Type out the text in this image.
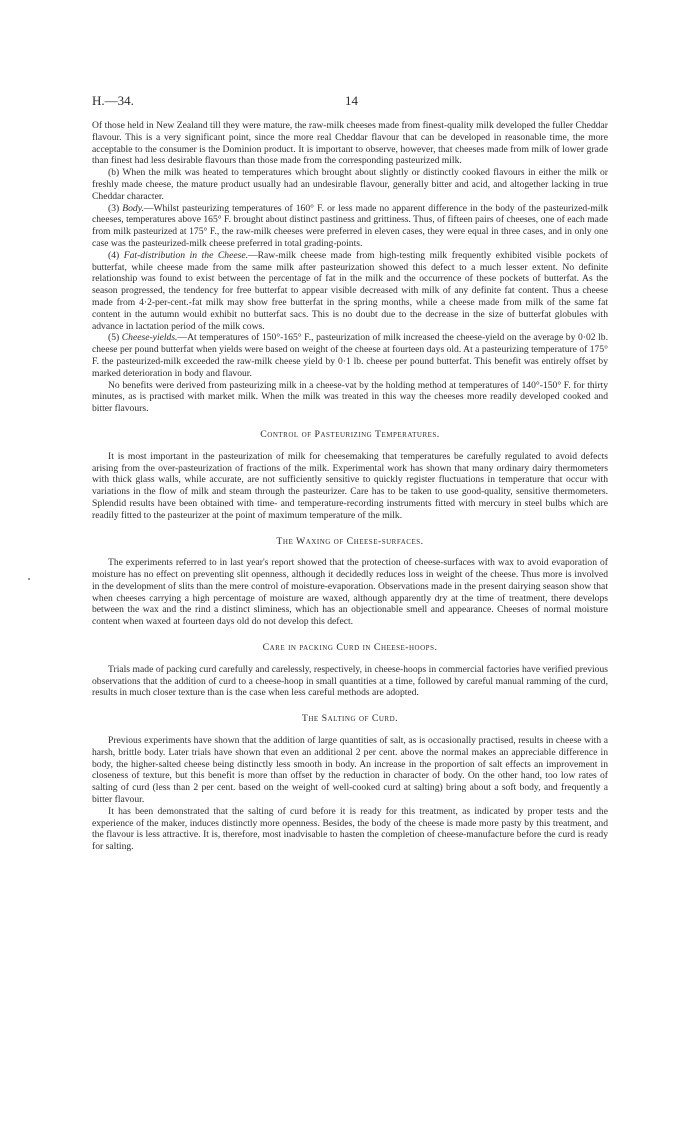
H.—34.	14

Of those held in New Zealand till they were mature, the raw-milk cheeses made from finest-quality milk developed the fuller Cheddar flavour. This is a very significant point, since the more real Cheddar flavour that can be developed in reasonable time, the more acceptable to the consumer is the Dominion product. It is important to observe, however, that cheeses made from milk of lower grade than finest had less desirable flavours than those made from the corresponding pasteurized milk.

(b) When the milk was heated to temperatures which brought about slightly or distinctly cooked flavours in either the milk or freshly made cheese, the mature product usually had an undesirable flavour, generally bitter and acid, and altogether lacking in true Cheddar character.

(3) Body.—Whilst pasteurizing temperatures of 160° F. or less made no apparent difference in the body of the pasteurized-milk cheeses, temperatures above 165° F. brought about distinct pastiness and grittiness. Thus, of fifteen pairs of cheeses, one of each made from milk pasteurized at 175° F., the raw-milk cheeses were preferred in eleven cases, they were equal in three cases, and in only one case was the pasteurized-milk cheese preferred in total grading-points.

(4) Fat-distribution in the Cheese.—Raw-milk cheese made from high-testing milk frequently exhibited visible pockets of butterfat, while cheese made from the same milk after pasteurization showed this defect to a much lesser extent. No definite relationship was found to exist between the percentage of fat in the milk and the occurrence of these pockets of butterfat. As the season progressed, the tendency for free butterfat to appear visible decreased with milk of any definite fat content. Thus a cheese made from 4·2-per-cent.-fat milk may show free butterfat in the spring months, while a cheese made from milk of the same fat content in the autumn would exhibit no butterfat sacs. This is no doubt due to the decrease in the size of butterfat globules with advance in lactation period of the milk cows.

(5) Cheese-yields.—At temperatures of 150°-165° F., pasteurization of milk increased the cheese-yield on the average by 0·02 lb. cheese per pound butterfat when yields were based on weight of the cheese at fourteen days old. At a pasteurizing temperature of 175° F. the pasteurized-milk exceeded the raw-milk cheese yield by 0·1 lb. cheese per pound butterfat. This benefit was entirely offset by marked deterioration in body and flavour.

No benefits were derived from pasteurizing milk in a cheese-vat by the holding method at temperatures of 140°-150° F. for thirty minutes, as is practised with market milk. When the milk was treated in this way the cheeses more readily developed cooked and bitter flavours.

Control of Pasteurizing Temperatures.

It is most important in the pasteurization of milk for cheesemaking that temperatures be carefully regulated to avoid defects arising from the over-pasteurization of fractions of the milk. Experimental work has shown that many ordinary dairy thermometers with thick glass walls, while accurate, are not sufficiently sensitive to quickly register fluctuations in temperature that occur with variations in the flow of milk and steam through the pasteurizer. Care has to be taken to use good-quality, sensitive thermometers. Splendid results have been obtained with time- and temperature-recording instruments fitted with mercury in steel bulbs which are readily fitted to the pasteurizer at the point of maximum temperature of the milk.

The Waxing of Cheese-surfaces.

The experiments referred to in last year's report showed that the protection of cheese-surfaces with wax to avoid evaporation of moisture has no effect on preventing slit openness, although it decidedly reduces loss in weight of the cheese. Thus more is involved in the development of slits than the mere control of moisture-evaporation. Observations made in the present dairying season show that when cheeses carrying a high percentage of moisture are waxed, although apparently dry at the time of treatment, there develops between the wax and the rind a distinct sliminess, which has an objectionable smell and appearance. Cheeses of normal moisture content when waxed at fourteen days old do not develop this defect.

Care in packing Curd in Cheese-hoops.

Trials made of packing curd carefully and carelessly, respectively, in cheese-hoops in commercial factories have verified previous observations that the addition of curd to a cheese-hoop in small quantities at a time, followed by careful manual ramming of the curd, results in much closer texture than is the case when less careful methods are adopted.

The Salting of Curd.

Previous experiments have shown that the addition of large quantities of salt, as is occasionally practised, results in cheese with a harsh, brittle body. Later trials have shown that even an additional 2 per cent. above the normal makes an appreciable difference in body, the higher-salted cheese being distinctly less smooth in body. An increase in the proportion of salt effects an improvement in closeness of texture, but this benefit is more than offset by the reduction in character of body. On the other hand, too low rates of salting of curd (less than 2 per cent. based on the weight of well-cooked curd at salting) bring about a soft body, and frequently a bitter flavour.

It has been demonstrated that the salting of curd before it is ready for this treatment, as indicated by proper tests and the experience of the maker, induces distinctly more openness. Besides, the body of the cheese is made more pasty by this treatment, and the flavour is less attractive. It is, therefore, most inadvisable to hasten the completion of cheese-manufacture before the curd is ready for salting.
